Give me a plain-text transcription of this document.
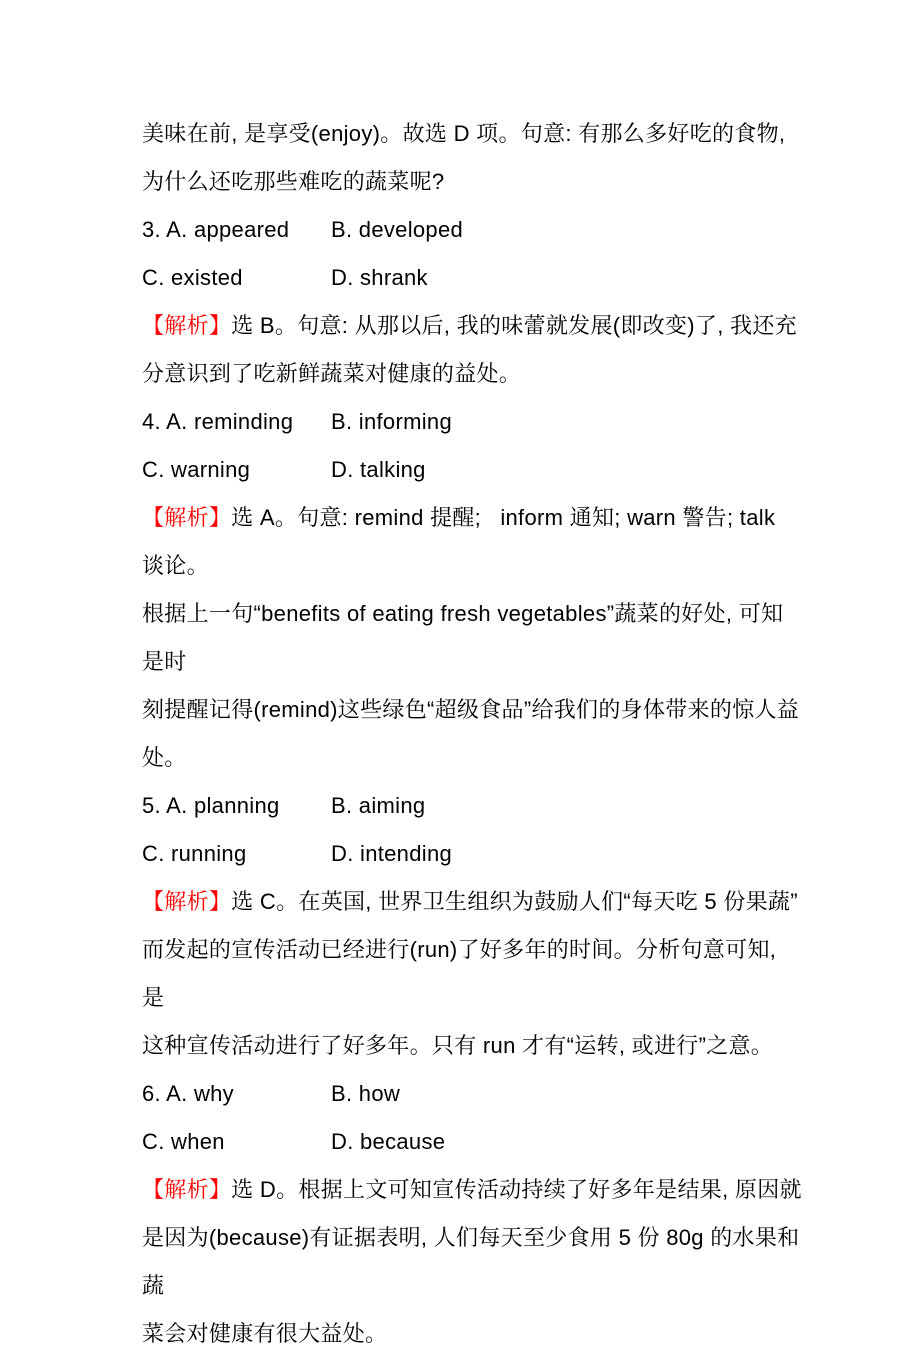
美味在前, 是享受(enjoy)。故选 D 项。句意: 有那么多好吃的食物,
为什么还吃那些难吃的蔬菜呢?
3. A. appeared B. developed
C. existed	D. shrank
【解析】选 B。句意: 从那以后, 我的味蕾就发展(即改变)了, 我还充
分意识到了吃新鲜蔬菜对健康的益处。
4. A. reminding B. informing
C. warning	D. talking
【解析】选 A。句意: remind 提醒;   inform 通知; warn 警告; talk 谈论。
根据上一句“benefits of eating fresh vegetables”蔬菜的好处, 可知是时
刻提醒记得(remind)这些绿色“超级食品”给我们的身体带来的惊人益
处。
5. A. planning B. aiming
C. running	D. intending
【解析】选 C。在英国, 世界卫生组织为鼓励人们“每天吃 5 份果蔬”
而发起的宣传活动已经进行(run)了好多年的时间。分析句意可知, 是
这种宣传活动进行了好多年。只有 run 才有“运转, 或进行”之意。
6. A. why	B. how
C. when	D. because
【解析】选 D。根据上文可知宣传活动持续了好多年是结果, 原因就
是因为(because)有证据表明, 人们每天至少食用 5 份 80g 的水果和蔬
菜会对健康有很大益处。
